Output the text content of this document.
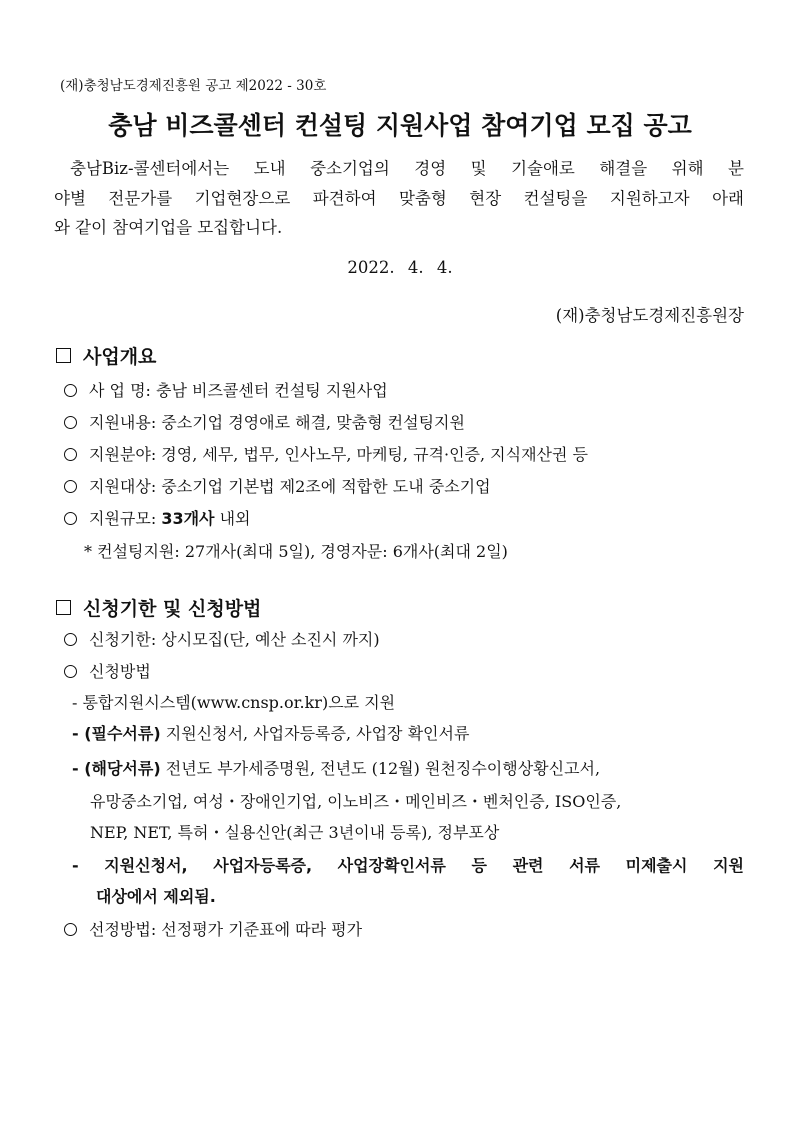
(재)충청남도경제진흥원 공고 제2022 - 30호
충남 비즈콜센터 컨설팅 지원사업 참여기업 모집 공고
충남Biz-콜센터에서는 도내 중소기업의 경영 및 기술애로 해결을 위해 분
야별 전문가를 기업현장으로 파견하여 맞춤형 현장 컨설팅을 지원하고자 아래
와 같이 참여기업을 모집합니다.
2022. 4. 4.
(재)충청남도경제진흥원장
사업개요
사 업 명: 충남 비즈콜센터 컨설팅 지원사업
지원내용: 중소기업 경영애로 해결, 맞춤형 컨설팅지원
지원분야: 경영, 세무, 법무, 인사노무, 마케팅, 규격·인증, 지식재산권 등
지원대상: 중소기업 기본법 제2조에 적합한 도내 중소기업
지원규모: 33개사 내외
* 컨설팅지원: 27개사(최대 5일), 경영자문: 6개사(최대 2일)
신청기한 및 신청방법
신청기한: 상시모집(단, 예산 소진시 까지)
신청방법
- 통합지원시스템(www.cnsp.or.kr)으로 지원
- (필수서류) 지원신청서, 사업자등록증, 사업장 확인서류
- (해당서류) 전년도 부가세증명원, 전년도 (12월) 원천징수이행상황신고서,
유망중소기업, 여성・장애인기업, 이노비즈・메인비즈・벤처인증, ISO인증,
NEP, NET, 특허・실용신안(최근 3년이내 등록), 정부포상
- 지원신청서, 사업자등록증, 사업장확인서류 등 관련 서류 미제출시 지원
대상에서 제외됨.
선정방법: 선정평가 기준표에 따라 평가
